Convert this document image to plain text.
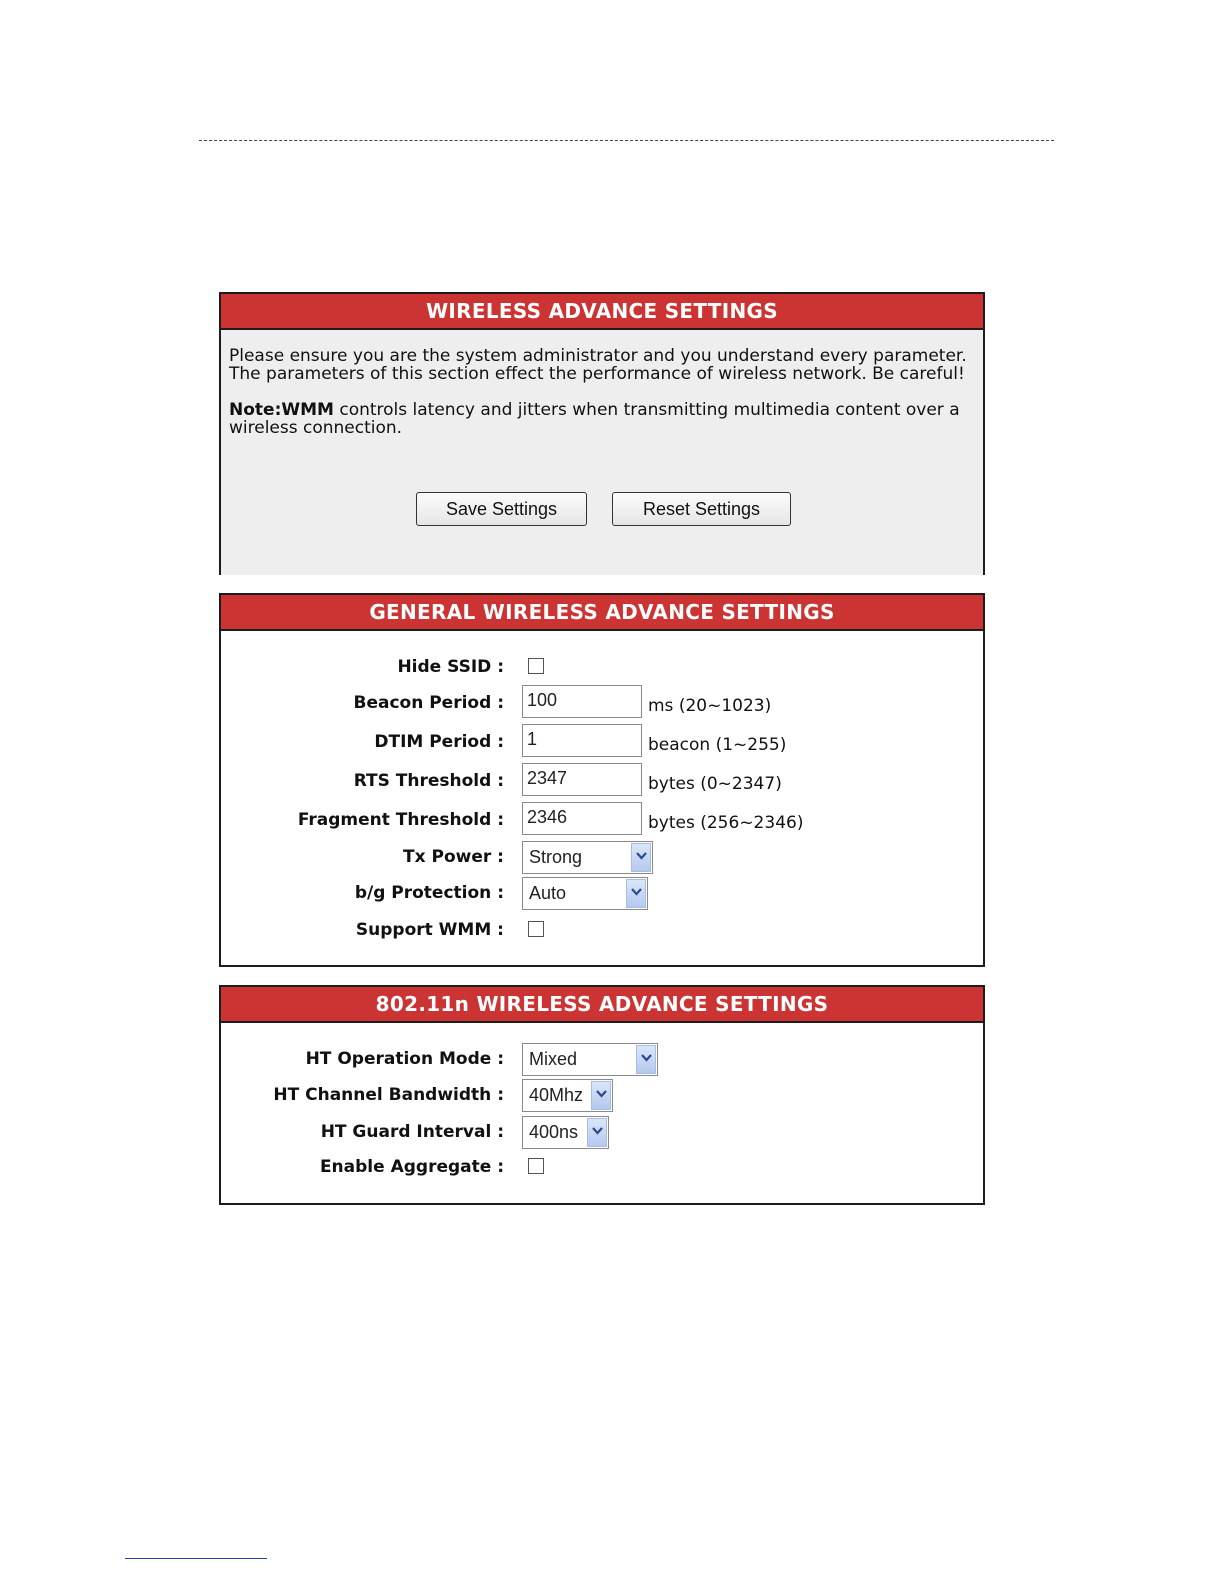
WIRELESS ADVANCE SETTINGS

Please ensure you are the system administrator and you understand every parameter. The parameters of this section effect the performance of wireless network. Be careful!

Note:WMM controls latency and jitters when transmitting multimedia content over a wireless connection.

Save Settings	Reset Settings
GENERAL WIRELESS ADVANCE SETTINGS
Hide SSID :
Beacon Period : 100	ms (20~1023)
DTIM Period : 1	beacon (1~255)
RTS Threshold : 2347	bytes (0~2347)
Fragment Threshold : 2346	bytes (256~2346)
Tx Power : Strong
b/g Protection : Auto
Support WMM :
802.11n WIRELESS ADVANCE SETTINGS
HT Operation Mode : Mixed
HT Channel Bandwidth : 40Mhz
HT Guard Interval : 400ns
Enable Aggregate :
